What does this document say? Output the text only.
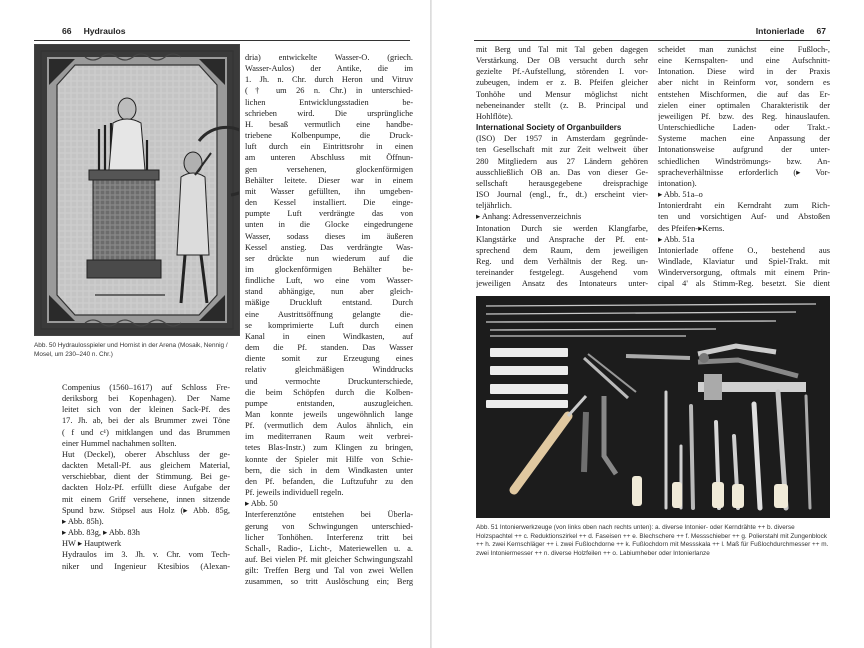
66 Hydraulos
Abb. 50 Hydraulosspieler und Hornist in der Arena (Mosaik, Nennig / Mosel, um 230–240 n. Chr.)
Compenius (1560–1617) auf Schloss Fre-
deriksborg bei Kopenhagen). Der Name
leitet sich von der kleinen Sack-Pf. des
17. Jh. ab, bei der als Brummer zwei Töne
( f und c¹) mitklangen und das Brummen
einer Hummel nachahmen sollten.
Hut (Deckel), oberer Abschluss der ge-
dackten Metall-Pf. aus gleichem Material,
verschiebbar, dient der Stimmung. Bei ge-
dackten Holz-Pf. erfüllt diese Aufgabe der
mit einem Griff versehene, innen sitzende
Spund bzw. Stöpsel aus Holz (▸ Abb. 85g,
▸ Abb. 85h).
▸ Abb. 83g, ▸ Abb. 83h
HW ▸ Hauptwerk
Hydraulos im 3. Jh. v. Chr. vom Tech-
niker und Ingenieur Ktesibios (Alexan-
dria) entwickelte Wasser-O. (griech.
Wasser-Aulos) der Antike, die im
1. Jh. n. Chr. durch Heron und Vitruv
(† um 26 n. Chr.) in unterschied-
lichen Entwicklungsstadien be-
schrieben wird. Die ursprüngliche
H. besaß vermutlich eine handbe-
triebene Kolbenpumpe, die Druck-
luft durch ein Eintrittsrohr in einen
am unteren Abschluss mit Öffnun-
gen versehenen, glockenförmigen
Behälter leitete. Dieser war in einem
mit Wasser gefüllten, ihn umgeben-
den Kessel installiert. Die einge-
pumpte Luft verdrängte das von
unten in die Glocke eingedrungene
Wasser, sodass dieses im äußeren
Kessel anstieg. Das verdrängte Was-
ser drückte nun wiederum auf die
im glockenförmigen Behälter be-
findliche Luft, wo eine vom Wasser-
stand abhängige, nun aber gleich-
mäßige Druckluft entstand. Durch
eine Austrittsöffnung gelangte die-
se komprimierte Luft durch einen
Kanal in einen Windkasten, auf
dem die Pf. standen. Das Wasser
diente somit zur Erzeugung eines
relativ gleichmäßigen Winddrucks
und vermochte Druckunterschiede,
die beim Schöpfen durch die Kolben-
pumpe entstanden, auszugleichen.
Man konnte jeweils ungewöhnlich lange
Pf. (vermutlich dem Aulos ähnlich, ein
im mediterranen Raum weit verbrei-
tetes Blas-Instr.) zum Klingen zu bringen,
konnte der Spieler mit Hilfe von Schie-
bern, die sich in dem Windkasten unter
den Pf. befanden, die Luftzufuhr zu den
Pf. jeweils individuell regeln.
▸ Abb. 50
Interferenztöne entstehen bei Überla-
gerung von Schwingungen unterschied-
licher Tonhöhen. Interferenz tritt bei
Schall-, Radio-, Licht-, Materiewellen u. a.
auf. Bei vielen Pf. mit gleicher Schwingungszahl
gilt: Treffen Berg und Tal von zwei Wellen
zusammen, so tritt Auslöschung ein; Berg
Intonierlade 67
mit Berg und Tal mit Tal geben dagegen
Verstärkung. Der OB versucht durch sehr
gezielte Pf.-Aufstellung, störenden I. vor-
zubeugen, indem er z. B. Pfeifen gleicher
Tonhöhe und Mensur möglichst nicht
nebeneinander stellt (z. B. Principal und
Hohlflöte).
International Society of Organbuilders
(ISO) Der 1957 in Amsterdam gegründe-
ten Gesellschaft mit zur Zeit weltweit über
280 Mitgliedern aus 27 Ländern gehören
ausschließlich OB an. Das von dieser Ge-
sellschaft herausgegebene dreisprachige
ISO Journal (engl., fr., dt.) erscheint vier-
teljährlich.
▸ Anhang: Adressenverzeichnis
Intonation Durch sie werden Klangfarbe,
Klangstärke und Ansprache der Pf. ent-
sprechend dem Raum, dem jeweiligen
Reg. und dem Verhältnis der Reg. un-
tereinander festgelegt. Ausgehend vom
jeweiligen Ansatz des Intonateurs unter-
scheidet man zunächst eine Fußloch-,
eine Kernspalten- und eine Aufschnitt-
Intonation. Diese wird in der Praxis
aber nicht in Reinform vor, sondern es
entstehen Mischformen, die auf das Er-
zielen einer optimalen Charakteristik der
jeweiligen Pf. bzw. des Reg. hinauslaufen.
Unterschiedliche Laden- oder Trakt.-
Systeme machen eine Anpassung der
Intonationsweise aufgrund der unter-
schiedlichen Windströmungs- bzw. An-
spracheverhältnisse erforderlich (▸ Vor-
intonation).
▸ Abb. 51a–o
Intonierdraht ein Kerndraht zum Rich-
ten und vorsichtigen Auf- und Abstoßen
des Pfeifen-▸Kerns.
▸ Abb. 51a
Intonierlade offene O., bestehend aus
Windlade, Klaviatur und Spiel-Trakt. mit
Winderversorgung, oftmals mit einem Prin-
cipal 4' als Stimm-Reg. besetzt. Sie dient
Abb. 51 Intonierwerkzeuge (von links oben nach rechts unten): a. diverse Intonier- oder Kerndrähte ++ b. diverse Holzspachtel ++ c. Reduktionszirkel ++ d. Faseisen ++ e. Blechschere ++ f. Messschieber ++ g. Polierstahl mit Zungenblock ++ h. zwei Kernschläger ++ i. zwei Fußlochdorne ++ k. Fußlochdorn mit Messskala ++ l. Maß für Fußlochdurchmesser ++ m. zwei Intoniermesser ++ n. diverse Holzfeilen ++ o. Labiumheber oder Intonierlanze
